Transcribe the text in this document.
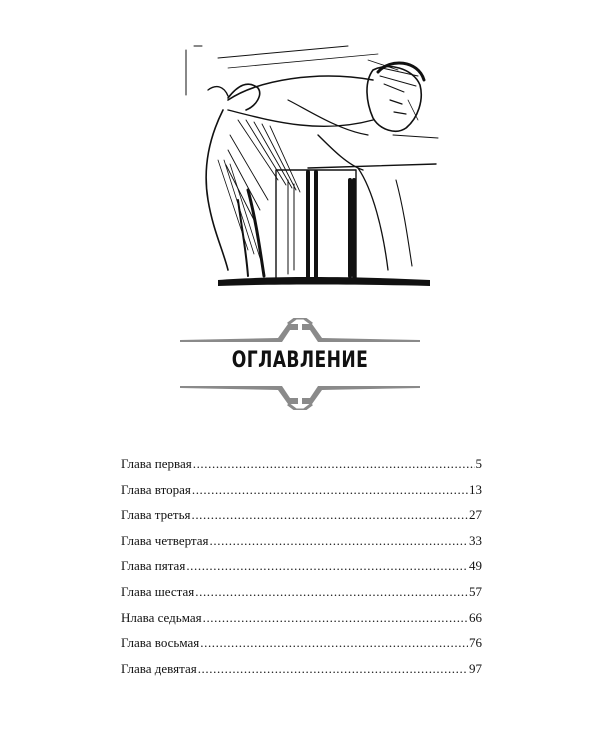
ОГЛАВЛЕНИЕ
Глава первая .....	5
Глава вторая .....	13
Глава третья .....	27
Глава четвертая .....	33
Глава пятая .....	49
Глава шестая .....	57
Нлава седьмая .....	66
Глава восьмая .....	76
Глава девятая .....	97
